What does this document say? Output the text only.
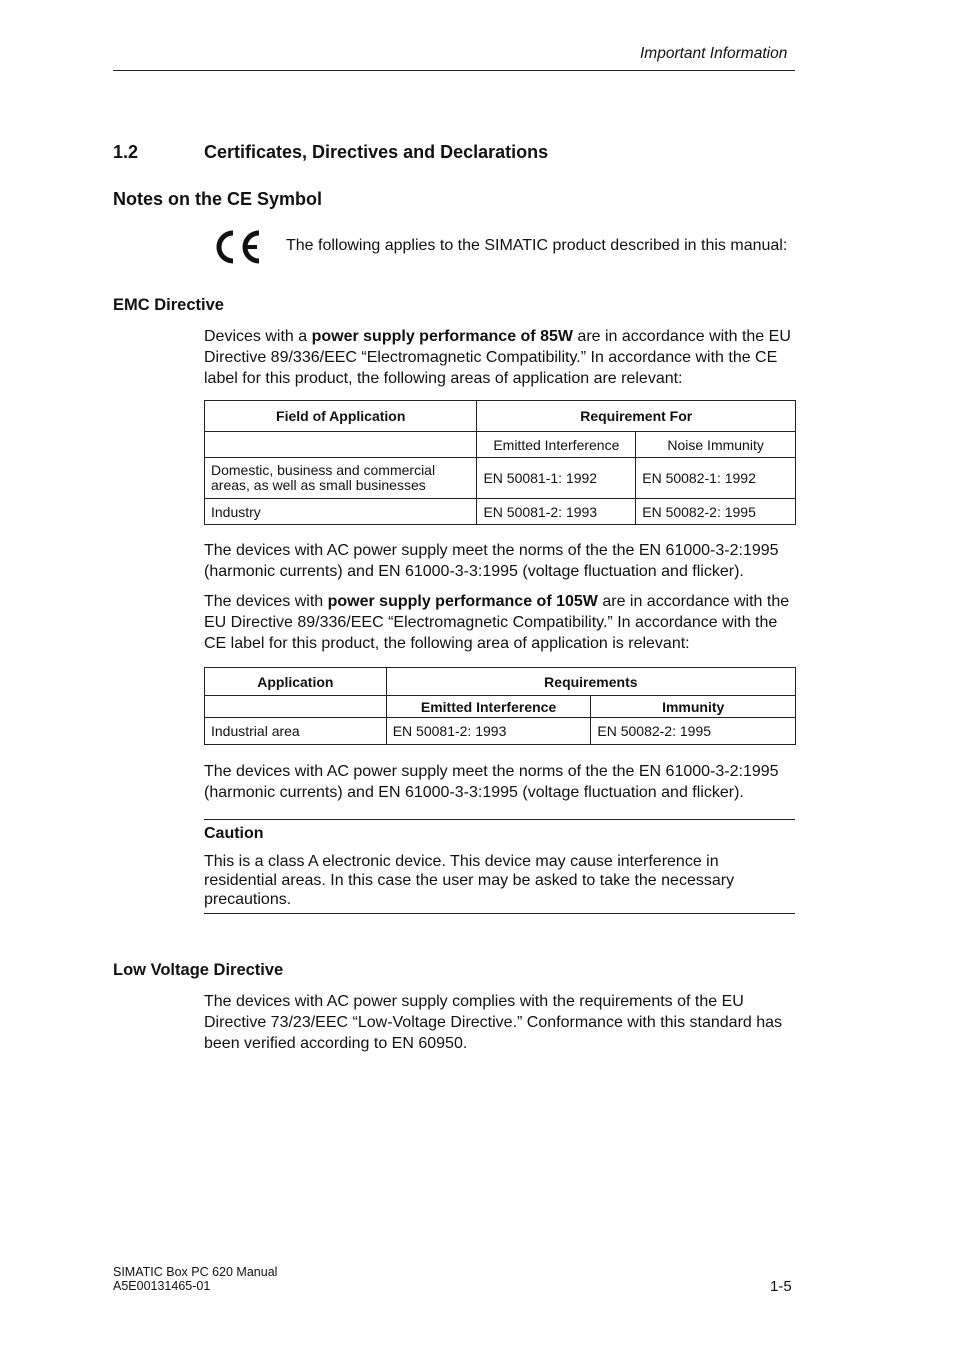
Important Information
1.2	Certificates, Directives and Declarations
Notes on the CE Symbol
The following applies to the SIMATIC product described in this manual:
EMC Directive
Devices with a power supply performance of 85W are in accordance with the EU Directive 89/336/EEC “Electromagnetic Compatibility.” In accordance with the CE label for this product, the following areas of application are relevant:
Field of Application	Requirement For	
	Emitted Interference	Noise Immunity
Domestic, business and commercial
areas, as well as small businesses	EN 50081-1: 1992	EN 50082-1: 1992
Industry	EN 50081-2: 1993	EN 50082-2: 1995
The devices with AC power supply meet the norms of the the EN 61000-3-2:1995 (harmonic currents) and EN 61000-3-3:1995 (voltage fluctuation and flicker).
The devices with power supply performance of 105W are in accordance with the EU Directive 89/336/EEC “Electromagnetic Compatibility.” In accordance with the CE label for this product, the following area of application is relevant:
Application	Requirements	
	Emitted Interference	Immunity
Industrial area	EN 50081-2: 1993	EN 50082-2: 1995
The devices with AC power supply meet the norms of the the EN 61000-3-2:1995 (harmonic currents) and EN 61000-3-3:1995 (voltage fluctuation and flicker).
Caution
This is a class A electronic device. This device may cause interference in residential areas. In this case the user may be asked to take the necessary precautions.
Low Voltage Directive
The devices with AC power supply complies with the requirements of the EU Directive 73/23/EEC “Low-Voltage Directive.” Conformance with this standard has been verified according to EN 60950.
SIMATIC Box PC 620 Manual
A5E00131465-01	1-5
